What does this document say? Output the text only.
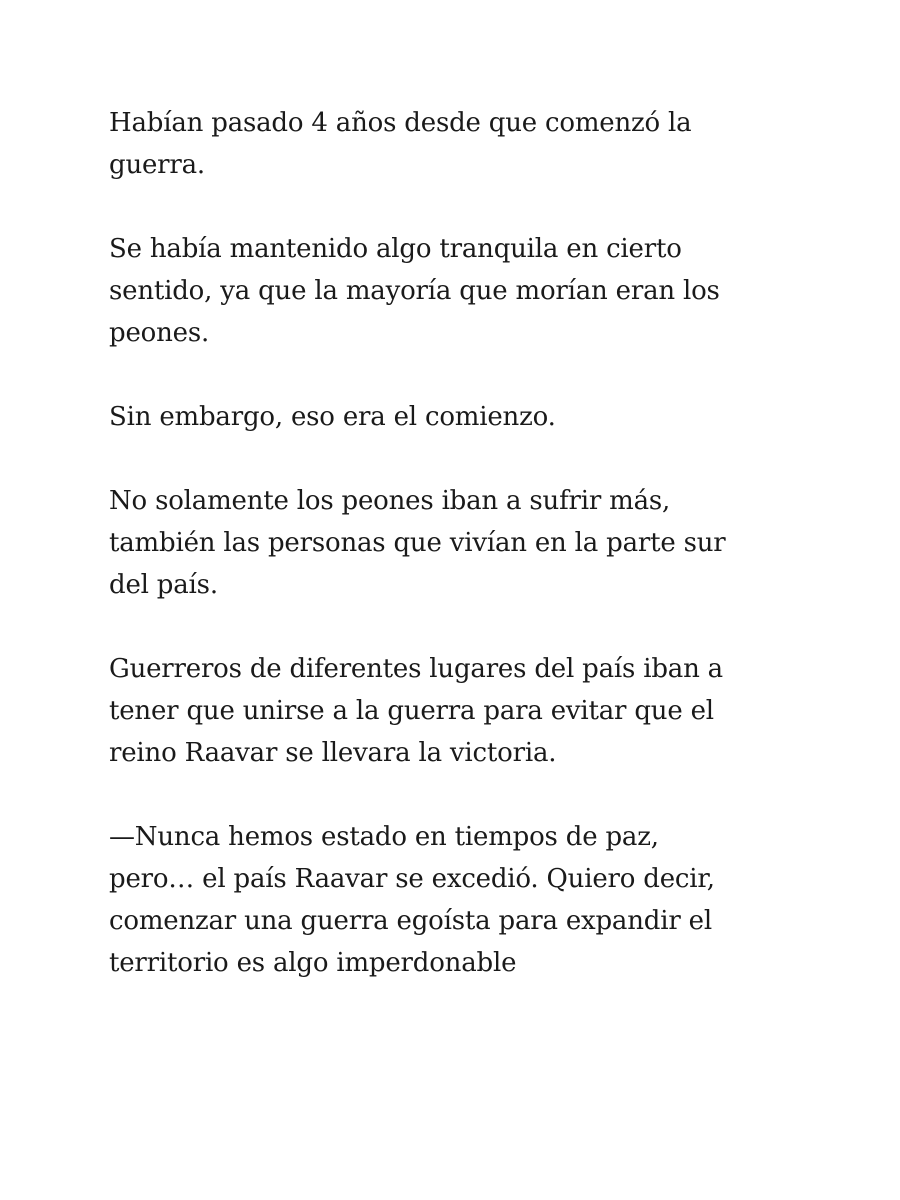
Habían pasado 4 años desde que comenzó la
guerra.

Se había mantenido algo tranquila en cierto
sentido, ya que la mayoría que morían eran los
peones.

Sin embargo, eso era el comienzo.

No solamente los peones iban a sufrir más,
también las personas que vivían en la parte sur
del país.

Guerreros de diferentes lugares del país iban a
tener que unirse a la guerra para evitar que el
reino Raavar se llevara la victoria.

—Nunca hemos estado en tiempos de paz,
pero… el país Raavar se excedió. Quiero decir,
comenzar una guerra egoísta para expandir el
territorio es algo imperdonable
